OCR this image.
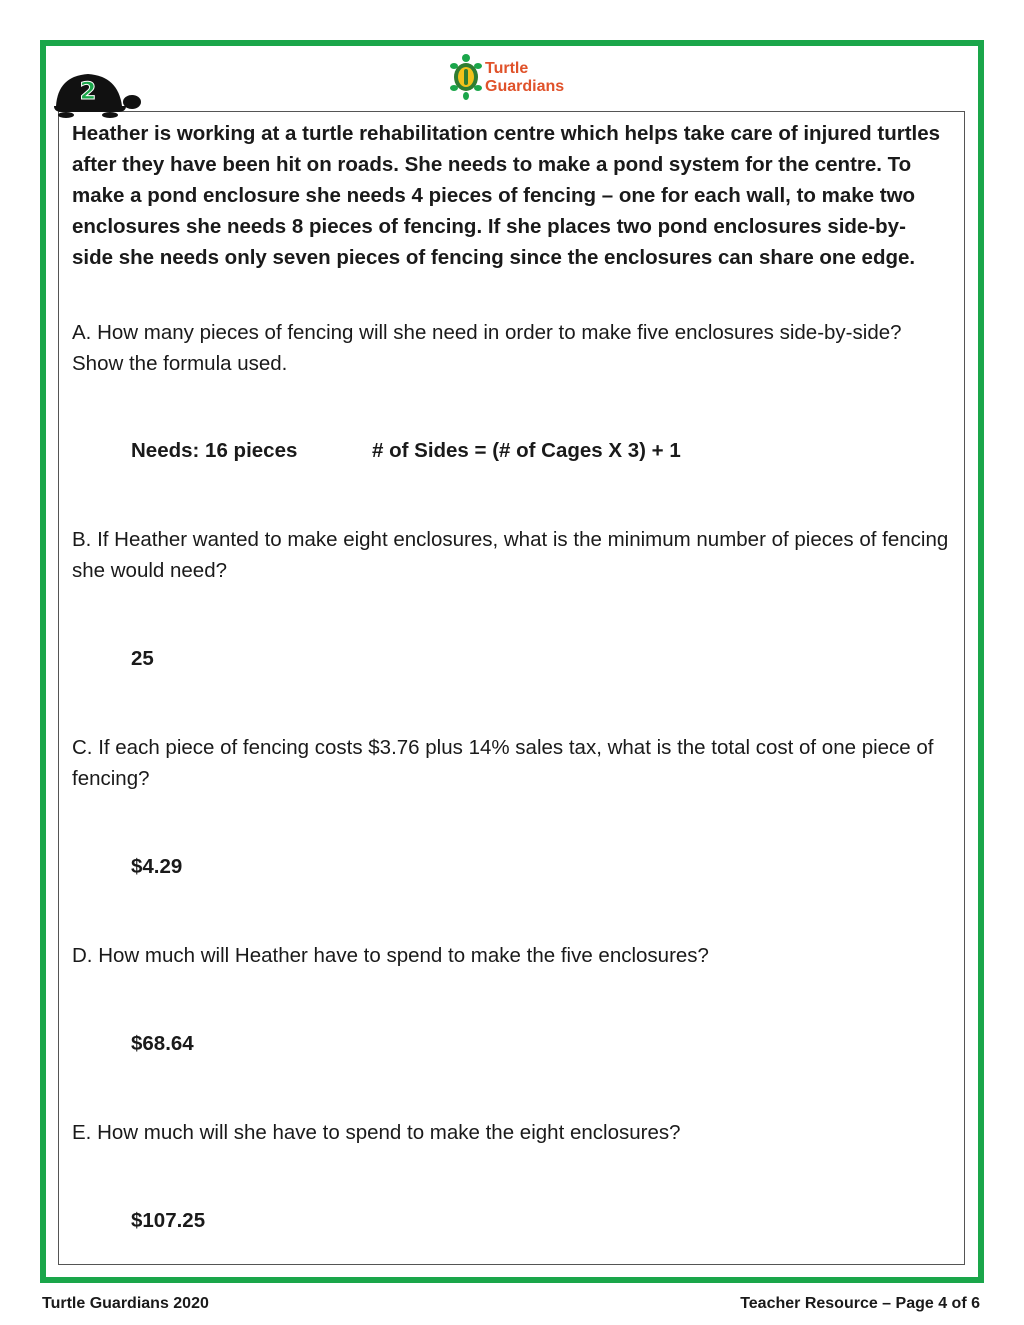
2
Turtle
Guardians

Heather is working at a turtle rehabilitation centre which helps take care of injured turtles after they have been hit on roads. She needs to make a pond system for the centre. To make a pond enclosure she needs 4 pieces of fencing – one for each wall, to make two enclosures she needs 8 pieces of fencing. If she places two pond enclosures side-by-side she needs only seven pieces of fencing since the enclosures can share one edge.

A. How many pieces of fencing will she need in order to make five enclosures side-by-side? Show the formula used.

Needs: 16 pieces	# of Sides = (# of Cages X 3) + 1

B. If Heather wanted to make eight enclosures, what is the minimum number of pieces of fencing she would need?

25

C. If each piece of fencing costs $3.76 plus 14% sales tax, what is the total cost of one piece of fencing?

$4.29

D. How much will Heather have to spend to make the five enclosures?

$68.64

E. How much will she have to spend to make the eight enclosures?

$107.25

Turtle Guardians 2020	Teacher Resource – Page 4 of 6
